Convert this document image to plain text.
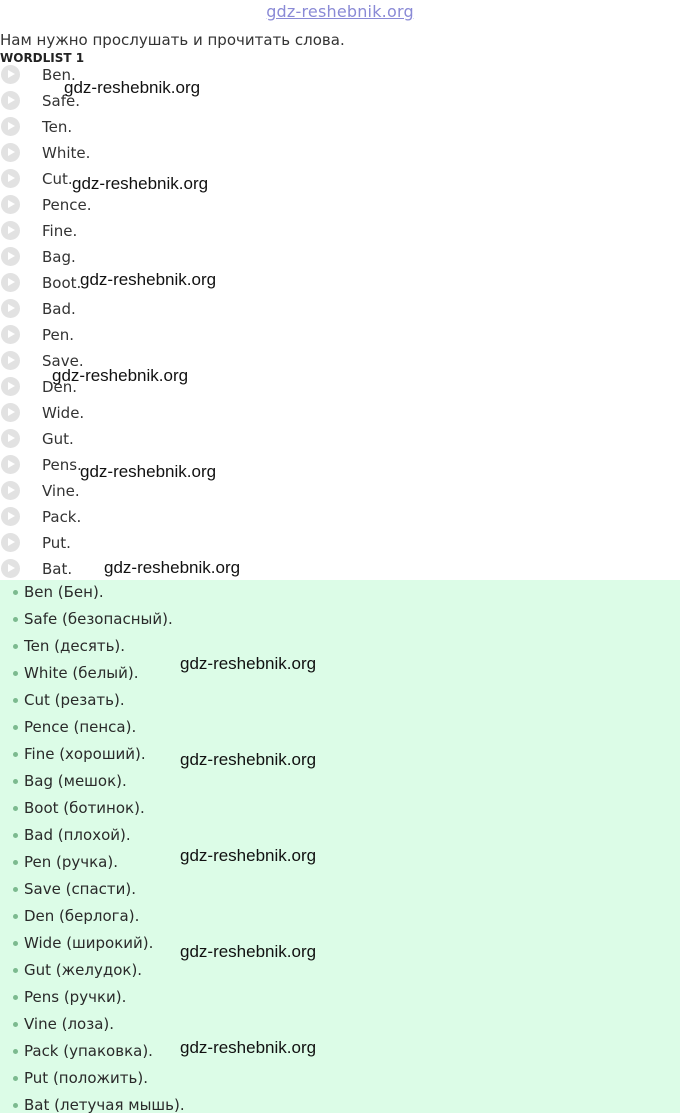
gdz-reshebnik.org
Нам нужно прослушать и прочитать слова.
WORDLIST 1
Ben.
Safe.
Ten.
White.
Cut.
Pence.
Fine.
Bag.
Boot.
Bad.
Pen.
Save.
Den.
Wide.
Gut.
Pens.
Vine.
Pack.
Put.
Bat.
Ben (Бен).
Safe (безопасный).
Ten (десять).
White (белый).
Cut (резать).
Pence (пенса).
Fine (хороший).
Bag (мешок).
Boot (ботинок).
Bad (плохой).
Pen (ручка).
Save (спасти).
Den (берлога).
Wide (широкий).
Gut (желудок).
Pens (ручки).
Vine (лоза).
Pack (упаковка).
Put (положить).
Bat (летучая мышь).
gdz-reshebnik.org
gdz-reshebnik.org
gdz-reshebnik.org
gdz-reshebnik.org
gdz-reshebnik.org
gdz-reshebnik.org
gdz-reshebnik.org
gdz-reshebnik.org
gdz-reshebnik.org
gdz-reshebnik.org
gdz-reshebnik.org
